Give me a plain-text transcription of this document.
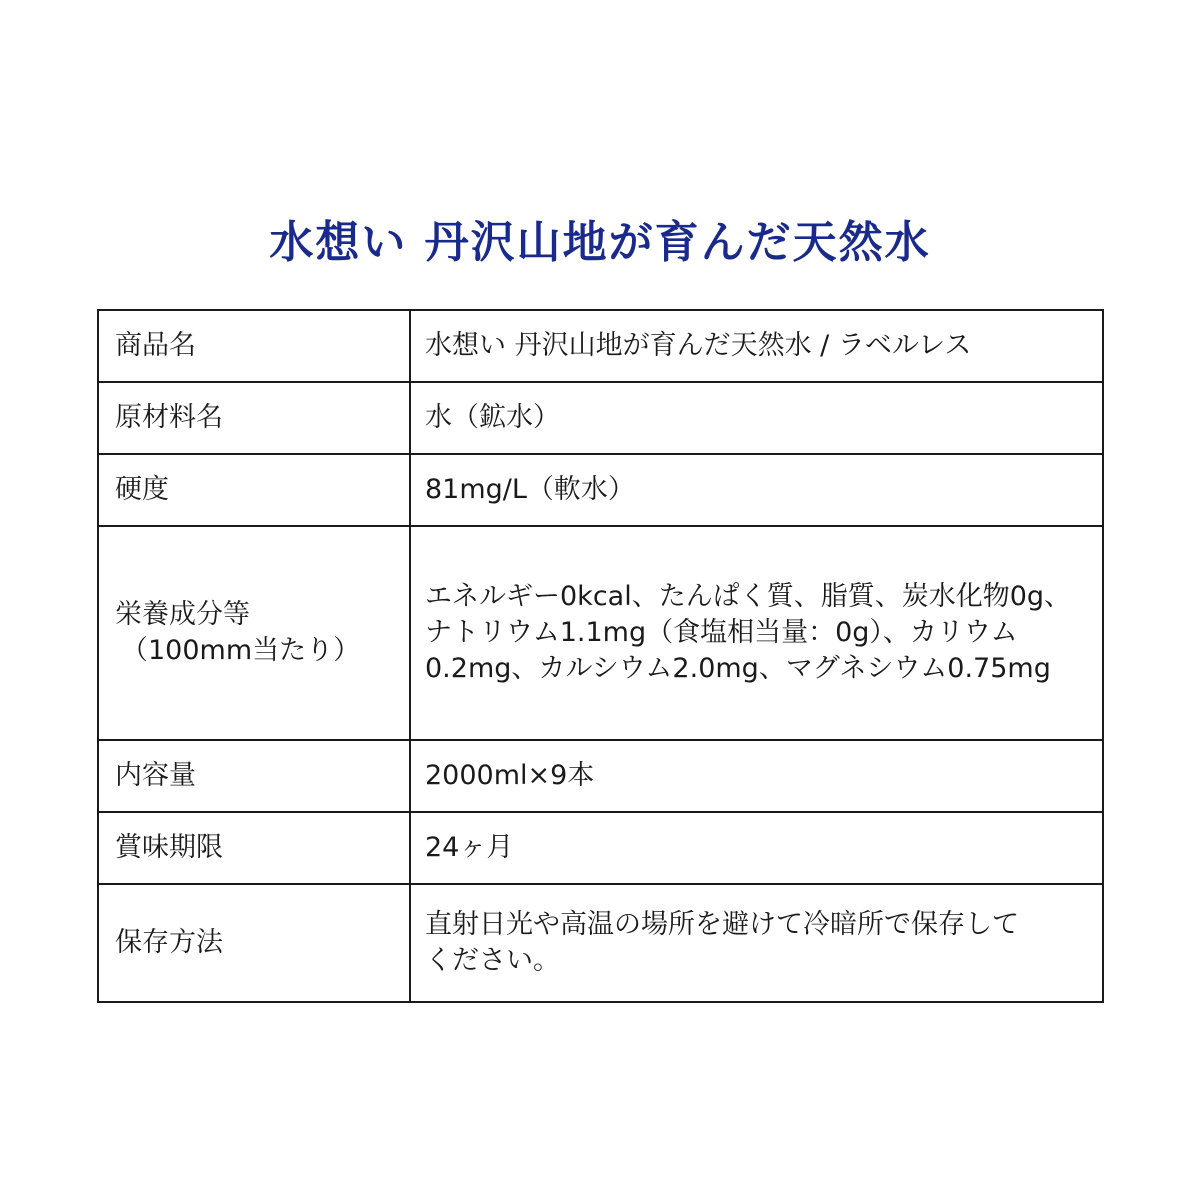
水想い 丹沢山地が育んだ天然水
商品名	水想い 丹沢山地が育んだ天然水 / ラベルレス
原材料名	水（鉱水）
硬度	81mg/L（軟水）

栄養成分等
（100mm当たり）	エネルギー0kcal、たんぱく質、脂質、炭水化物0g、
ナトリウム1.1mg（食塩相当量：0g）、カリウム
0.2mg、カルシウム2.0mg、マグネシウム0.75mg
内容量	2000ml×9本
賞味期限	24ヶ月
保存方法	直射日光や高温の場所を避けて冷暗所で保存して
ください。
